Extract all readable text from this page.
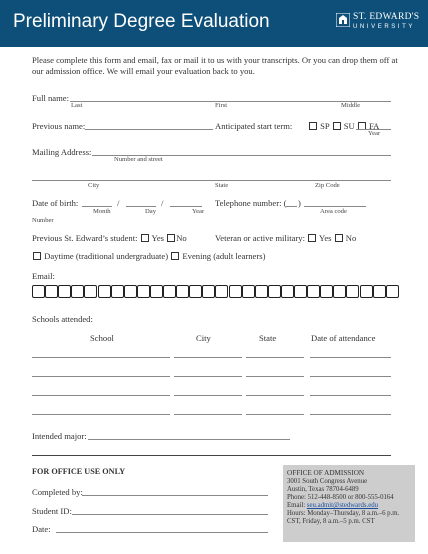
Preliminary Degree Evaluation	ST. EDWARD'S
UNIVERSITY
Please complete this form and email, fax or mail it to us with your transcripts. Or you can drop them off at
our admission office. We will email your evaluation back to you.
Full name:
Last	First	Middle
Previous name:	Anticipated start term:	SP SU FA
Year
Mailing Address:
Number and street
City	State	Zip Code
Date of birth:	/	/
Month	Day	Year
Telephone number: ( )
Area code
Number
Previous St. Edward’s student: Yes No	Veteran or active military: Yes No
Daytime (traditional undergraduate) Evening (adult learners)
Email:
Schools attended:
School	City	State	Date of attendance
Intended major:
FOR OFFICE USE ONLY
Completed by:
Student ID:
Date:
OFFICE OF ADMISSION
3001 South Congress Avenue
Austin, Texas 78704-6489
Phone: 512-448-8500 or 800-555-0164
Email: seu.admit@stedwards.edu
Hours: Monday–Thursday, 8 a.m.–6 p.m.
CST, Friday, 8 a.m.–5 p.m. CST
